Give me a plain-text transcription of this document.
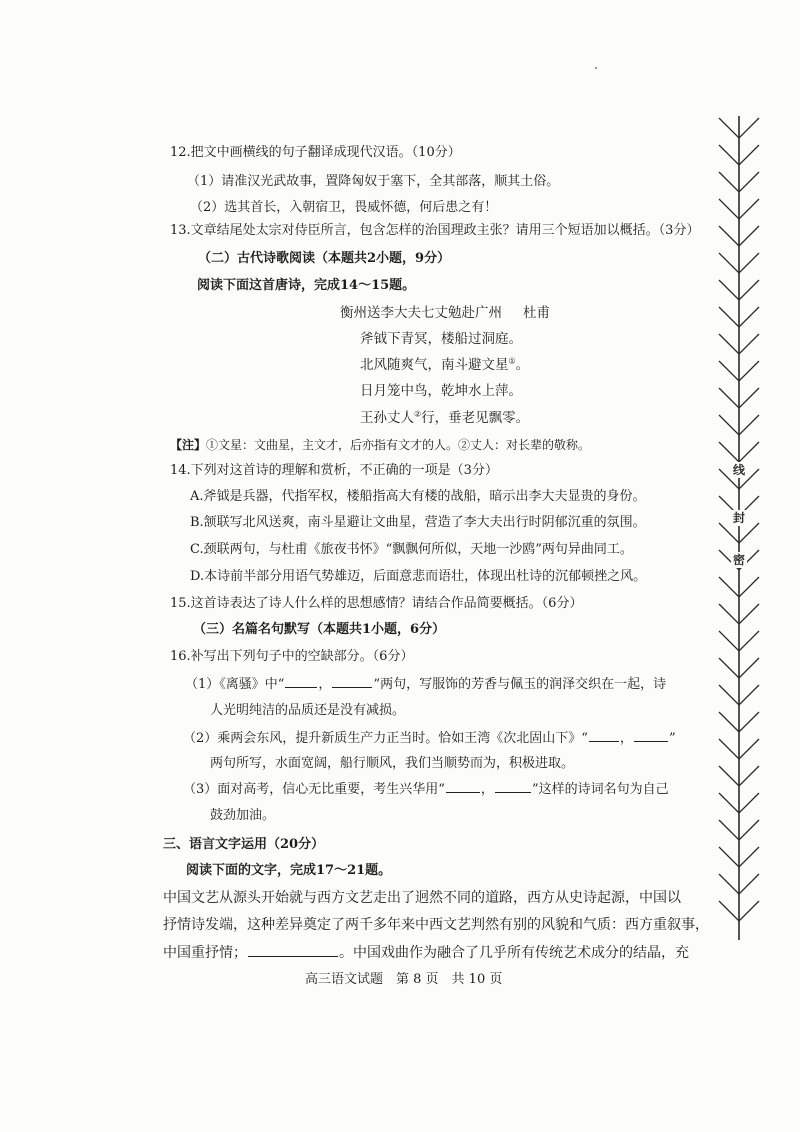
12.把文中画横线的句子翻译成现代汉语。（10分）
（1）请准汉光武故事，置降匈奴于塞下，全其部落，顺其土俗。
（2）选其首长，入朝宿卫，畏威怀德，何后患之有！
13.文章结尾处太宗对侍臣所言，包含怎样的治国理政主张？请用三个短语加以概括。（3分）
（二）古代诗歌阅读（本题共2小题，9分）
阅读下面这首唐诗，完成14～15题。
衡州送李大夫七丈勉赴广州 杜甫
斧钺下青冥，楼船过洞庭。
北风随爽气，南斗避文星①。
日月笼中鸟，乾坤水上萍。
王孙丈人②行，垂老见飘零。
【注】①文星：文曲星，主文才，后亦指有文才的人。②丈人：对长辈的敬称。
14.下列对这首诗的理解和赏析，不正确的一项是（3分）
A.斧钺是兵器，代指军权，楼船指高大有楼的战船，暗示出李大夫显贵的身份。
B.颔联写北风送爽，南斗星避让文曲星，营造了李大夫出行时阴郁沉重的氛围。
C.颈联两句，与杜甫《旅夜书怀》“飘飘何所似，天地一沙鸥”两句异曲同工。
D.本诗前半部分用语气势雄迈，后面意悲而语壮，体现出杜诗的沉郁顿挫之风。
15.这首诗表达了诗人什么样的思想感情？请结合作品简要概括。（6分）
（三）名篇名句默写（本题共1小题，6分）
16.补写出下列句子中的空缺部分。（6分）
（1）《离骚》中“	，	”两句，写服饰的芳香与佩玉的润泽交织在一起，诗
人光明纯洁的品质还是没有减损。
（2）乘两会东风，提升新质生产力正当时。恰如王湾《次北固山下》“ ，	”
两句所写，水面宽阔，船行顺风，我们当顺势而为，积极进取。
（3）面对高考，信心无比重要，考生兴华用“	，	”这样的诗词名句为自己
鼓劲加油。
三、语言文字运用（20分）
阅读下面的文字，完成17～21题。
中国文艺从源头开始就与西方文艺走出了迥然不同的道路，西方从史诗起源，中国以
抒情诗发端，这种差异奠定了两千多年来中西文艺判然有别的风貌和气质：西方重叙事，
中国重抒情；	。中国戏曲作为融合了几乎所有传统艺术成分的结晶，充
高三语文试题　第 8 页　共 10 页
线
封
密
